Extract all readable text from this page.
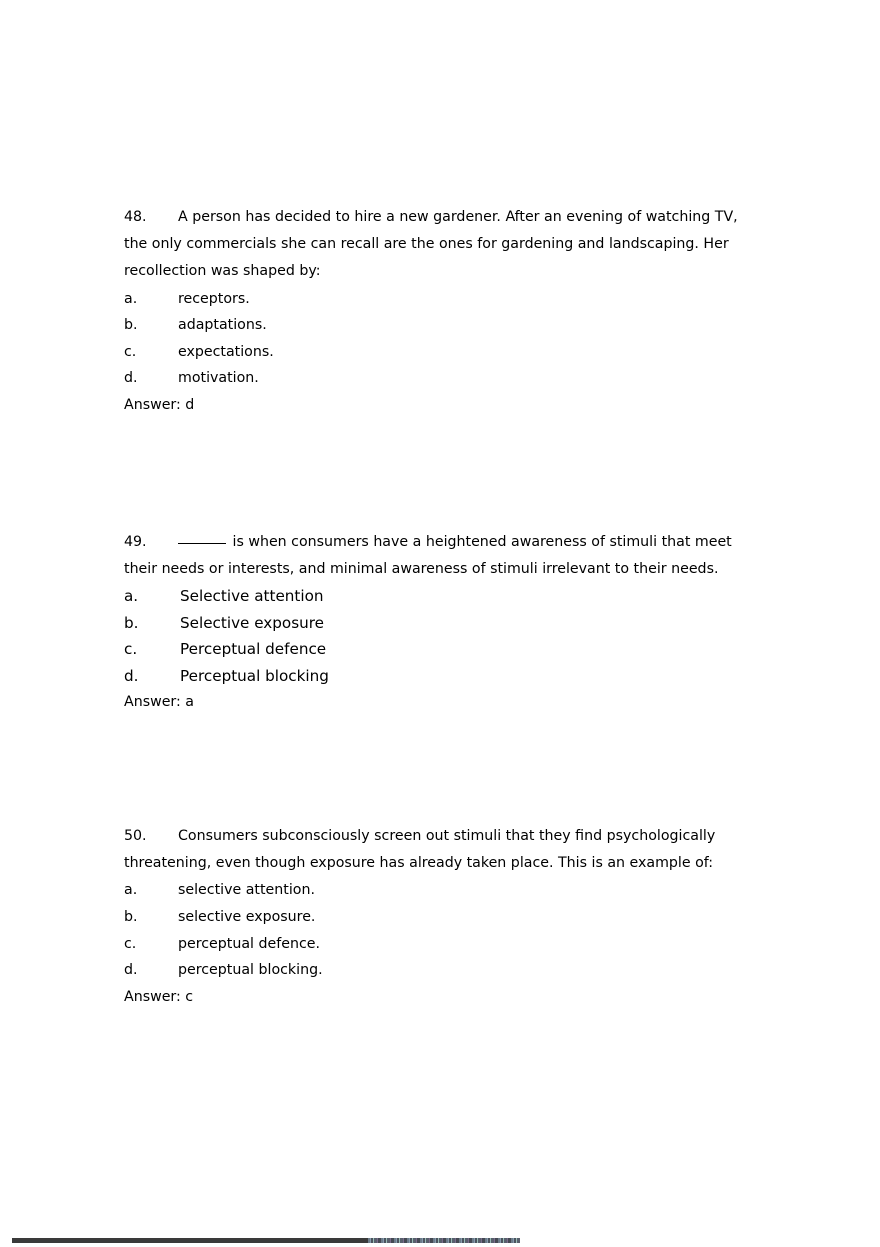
48. A person has decided to hire a new gardener. After an evening of watching TV, the only commercials she can recall are the ones for gardening and landscaping. Her recollection was shaped by:

a.	receptors.
b.	adaptations.
c.	expectations.
d.	motivation.

Answer: d

49.	is when consumers have a heightened awareness of stimuli that meet their needs or interests, and minimal awareness of stimuli irrelevant to their needs.

a.	Selective attention
b.	Selective exposure
c.	Perceptual defence
d.	Perceptual blocking

Answer: a

50. Consumers subconsciously screen out stimuli that they find psychologically threatening, even though exposure has already taken place. This is an example of:

a.	selective attention.
b.	selective exposure.
c.	perceptual defence.
d.	perceptual blocking.

Answer: c
